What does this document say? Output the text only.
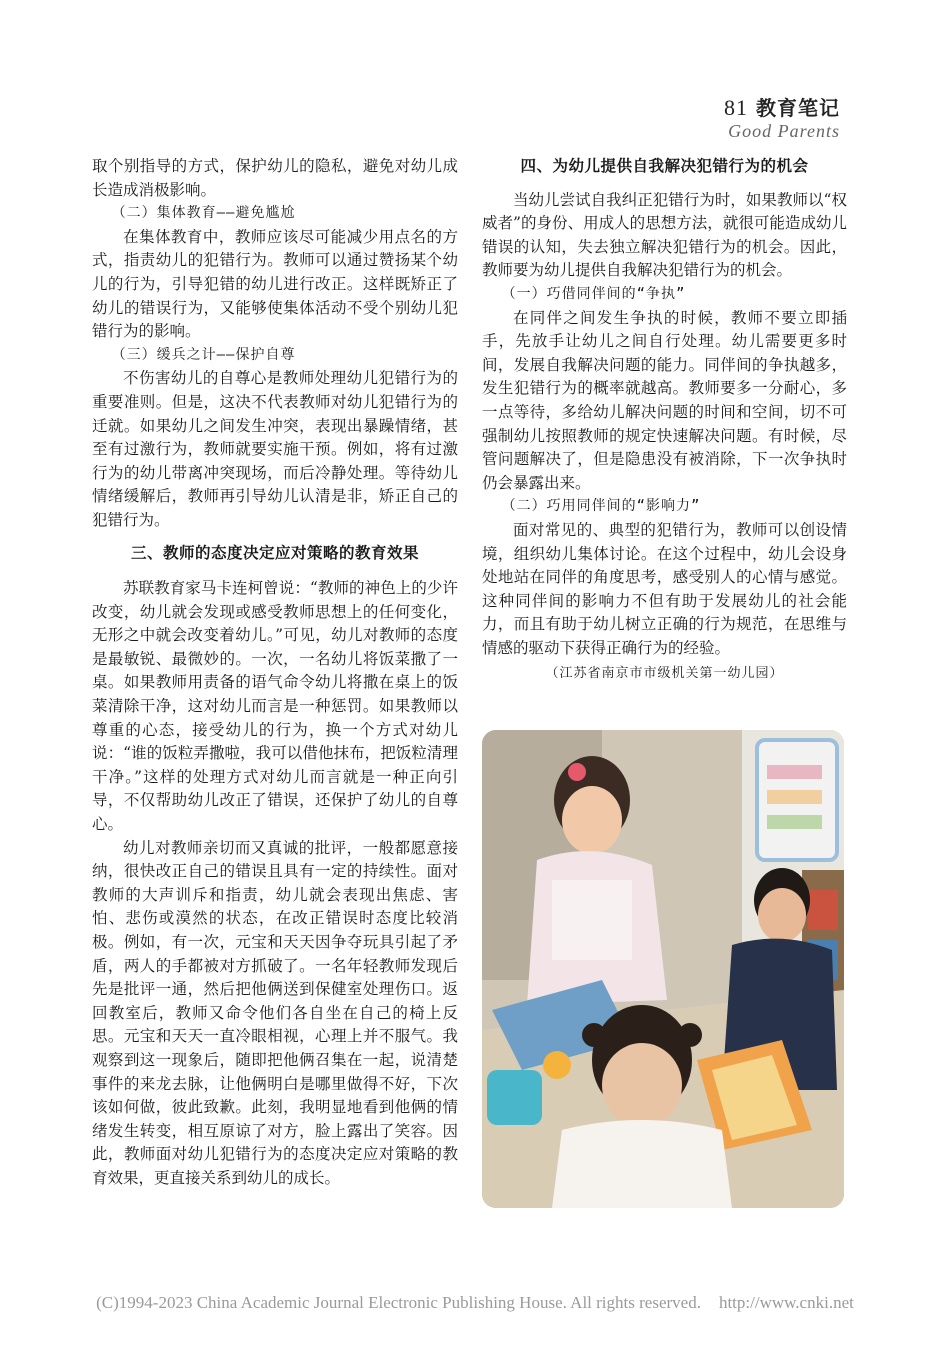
81 教育笔记
Good Parents

取个别指导的方式，保护幼儿的隐私，避免对幼儿成长造成消极影响。

（二）集体教育——避免尴尬

在集体教育中，教师应该尽可能减少用点名的方式，指责幼儿的犯错行为。教师可以通过赞扬某个幼儿的行为，引导犯错的幼儿进行改正。这样既矫正了幼儿的错误行为，又能够使集体活动不受个别幼儿犯错行为的影响。

（三）缓兵之计——保护自尊

不伤害幼儿的自尊心是教师处理幼儿犯错行为的重要准则。但是，这决不代表教师对幼儿犯错行为的迁就。如果幼儿之间发生冲突，表现出暴躁情绪，甚至有过激行为，教师就要实施干预。例如，将有过激行为的幼儿带离冲突现场，而后冷静处理。等待幼儿情绪缓解后，教师再引导幼儿认清是非，矫正自己的犯错行为。

三、教师的态度决定应对策略的教育效果

苏联教育家马卡连柯曾说：“教师的神色上的少许改变，幼儿就会发现或感受教师思想上的任何变化，无形之中就会改变着幼儿。”可见，幼儿对教师的态度是最敏锐、最微妙的。一次，一名幼儿将饭菜撒了一桌。如果教师用责备的语气命令幼儿将撒在桌上的饭菜清除干净，这对幼儿而言是一种惩罚。如果教师以尊重的心态，接受幼儿的行为，换一个方式对幼儿说：“谁的饭粒弄撒啦，我可以借他抹布，把饭粒清理干净。”这样的处理方式对幼儿而言就是一种正向引导，不仅帮助幼儿改正了错误，还保护了幼儿的自尊心。

幼儿对教师亲切而又真诚的批评，一般都愿意接纳，很快改正自己的错误且具有一定的持续性。面对教师的大声训斥和指责，幼儿就会表现出焦虑、害怕、悲伤或漠然的状态，在改正错误时态度比较消极。例如，有一次，元宝和天天因争夺玩具引起了矛盾，两人的手都被对方抓破了。一名年轻教师发现后先是批评一通，然后把他俩送到保健室处理伤口。返回教室后，教师又命令他们各自坐在自己的椅上反思。元宝和天天一直冷眼相视，心理上并不服气。我观察到这一现象后，随即把他俩召集在一起，说清楚事件的来龙去脉，让他俩明白是哪里做得不好，下次该如何做，彼此致歉。此刻，我明显地看到他俩的情绪发生转变，相互原谅了对方，脸上露出了笑容。因此，教师面对幼儿犯错行为的态度决定应对策略的教育效果，更直接关系到幼儿的成长。

四、为幼儿提供自我解决犯错行为的机会

当幼儿尝试自我纠正犯错行为时，如果教师以“权威者”的身份、用成人的思想方法，就很可能造成幼儿错误的认知，失去独立解决犯错行为的机会。因此，教师要为幼儿提供自我解决犯错行为的机会。

（一）巧借同伴间的“争执”

在同伴之间发生争执的时候，教师不要立即插手，先放手让幼儿之间自行处理。幼儿需要更多时间，发展自我解决问题的能力。同伴间的争执越多，发生犯错行为的概率就越高。教师要多一分耐心，多一点等待，多给幼儿解决问题的时间和空间，切不可强制幼儿按照教师的规定快速解决问题。有时候，尽管问题解决了，但是隐患没有被消除，下一次争执时仍会暴露出来。

（二）巧用同伴间的“影响力”

面对常见的、典型的犯错行为，教师可以创设情境，组织幼儿集体讨论。在这个过程中，幼儿会设身处地站在同伴的角度思考，感受别人的心情与感觉。这种同伴间的影响力不但有助于发展幼儿的社会能力，而且有助于幼儿树立正确的行为规范，在思维与情感的驱动下获得正确行为的经验。

（江苏省南京市市级机关第一幼儿园）

(C)1994-2023 China Academic Journal Electronic Publishing House. All rights reserved. http://www.cnki.net
